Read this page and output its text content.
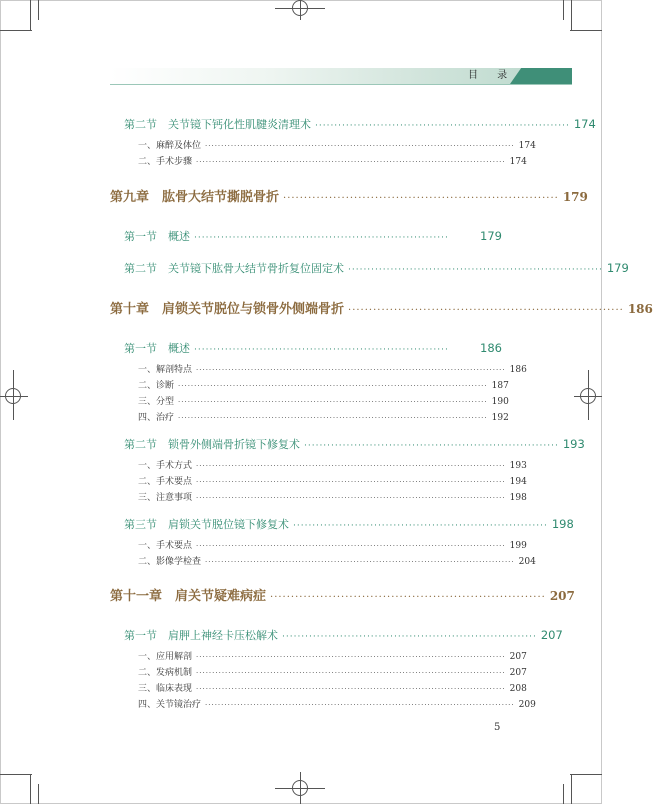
目 录
第二节　关节镜下钙化性肌腱炎清理术 ·································································· 174
一、麻醉及体位 ································································································ 174
二、手术步骤 ································································································ 174
第九章　肱骨大结节撕脱骨折 ·································································· 179
第一节　概述 ··································································	179
第二节　关节镜下肱骨大结节骨折复位固定术 ·································································· 179
第十章　肩锁关节脱位与锁骨外侧端骨折 ·································································· 186
第一节　概述 ··································································	186
一、解剖特点 ································································································ 186
二、诊断 ································································································ 187
三、分型 ································································································ 190
四、治疗 ································································································ 192
第二节　锁骨外侧端骨折镜下修复术 ·································································· 193
一、手术方式 ································································································ 193
二、手术要点 ································································································ 194
三、注意事项 ································································································ 198
第三节　肩锁关节脱位镜下修复术 ·································································· 198
一、手术要点 ································································································ 199
二、影像学检查 ································································································ 204
第十一章　肩关节疑难病症 ·································································· 207
第一节　肩胛上神经卡压松解术 ·································································· 207
一、应用解剖 ································································································ 207
二、发病机制 ································································································ 207
三、临床表现 ································································································ 208
四、关节镜治疗 ································································································ 209
5
